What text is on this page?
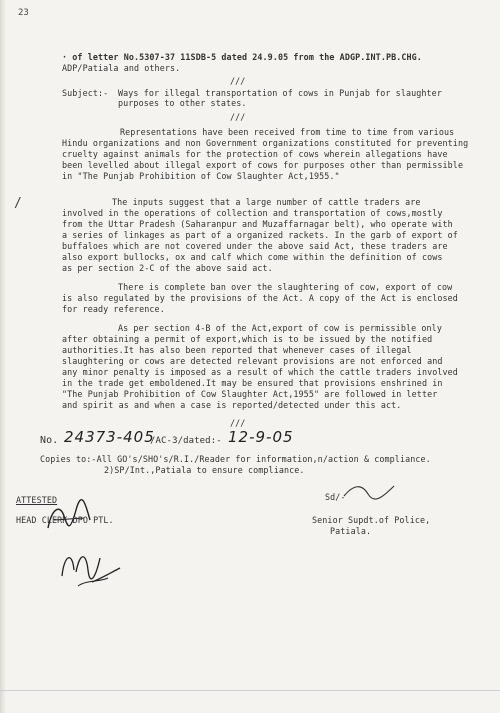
23
· of letter No.5307-37 11SDB-5 dated 24.9.05 from the ADGP.INT.PB.CHG.
ADP/Patiala and others.
///
Subject:- Ways for illegal transportation of cows in Punjab for slaughter
purposes to other states.
///
Representations have been received from time to time from various
Hindu organizations and non Government organizations constituted for preventing
cruelty against animals for the protection of cows wherein allegations have
been levelled about illegal export of cows for purposes other than permissible
in "The Punjab Prohibition of Cow Slaughter Act,1955."
/	The inputs suggest that a large number of cattle traders are
involved in the operations of collection and transportation of cows,mostly
from the Uttar Pradesh (Saharanpur and Muzaffarnagar belt), who operate with
a series of linkages as part of a organized rackets. In the garb of export of
buffaloes which are not covered under the above said Act, these traders are
also export bullocks, ox and calf which come within the definition of cows
as per section 2-C of the above said act.
There is complete ban over the slaughtering of cow, export of cow
is also regulated by the provisions of the Act. A copy of the Act is enclosed
for ready reference.
As per section 4-B of the Act,export of cow is permissible only
after obtaining a permit of export,which is to be issued by the notified
authorities.It has also been reported that whenever cases of illegal
slaughtering or cows are detected relevant provisions are not enforced and
any minor penalty is imposed as a result of which the cattle traders involved
in the trade get emboldened.It may be ensured that provisions enshrined in
"The Punjab Prohibition of Cow Slaughter Act,1955" are followed in letter
and spirit as and when a case is reported/detected under this act.
///
No. 24373-405
/AC-3/dated:- 12-9-05
Copies to:-All GO's/SHO's/R.I./Reader for information,n/action & compliance.
2)SP/Int.,Patiala to ensure compliance.
ATTESTED	Sd/-
HEAD CLERK DPO PTL.	Senior Supdt.of Police,
Patiala.
